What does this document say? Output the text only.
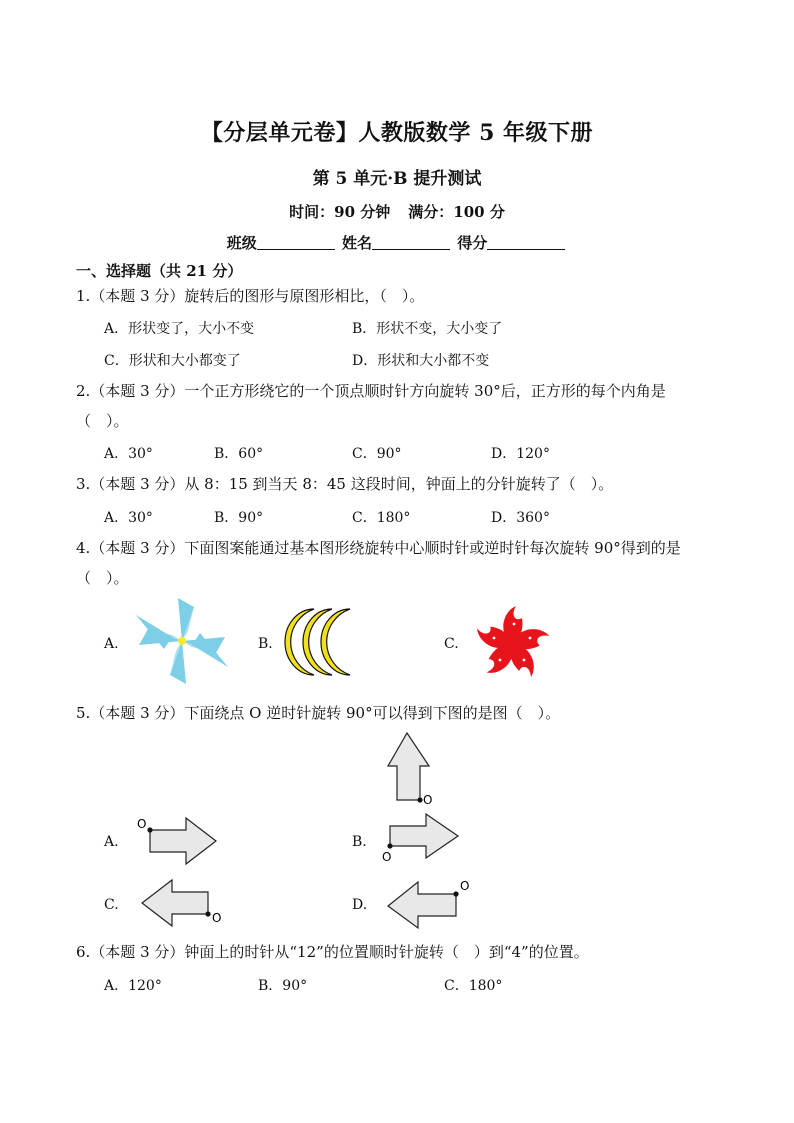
【分层单元卷】人教版数学 5 年级下册
第 5 单元·B 提升测试
时间：90 分钟 满分：100 分
班级	姓名	得分
一、选择题（共 21 分）
1.（本题 3 分）旋转后的图形与原图形相比，（　）。
A．形状变了，大小不变	B．形状不变，大小变了
C．形状和大小都变了	D．形状和大小都不变
2.（本题 3 分）一个正方形绕它的一个顶点顺时针方向旋转 30°后，正方形的每个内角是
（　）。
A．30°	B．60°	C．90°	D．120°
3.（本题 3 分）从 8：15 到当天 8：45 这段时间，钟面上的分针旋转了（　）。
A．30°	B．90°	C．180°	D．360°
4.（本题 3 分）下面图案能通过基本图形绕旋转中心顺时针或逆时针每次旋转 90°得到的是
（　）。
A.	B.	C.
5.（本题 3 分）下面绕点 O 逆时针旋转 90°可以得到下图的是图（　）。
O
A.
O
B.
O
C.
O
D.
O
6.（本题 3 分）钟面上的时针从“12”的位置顺时针旋转（　）到“4”的位置。
A．120°	B．90°	C．180°
